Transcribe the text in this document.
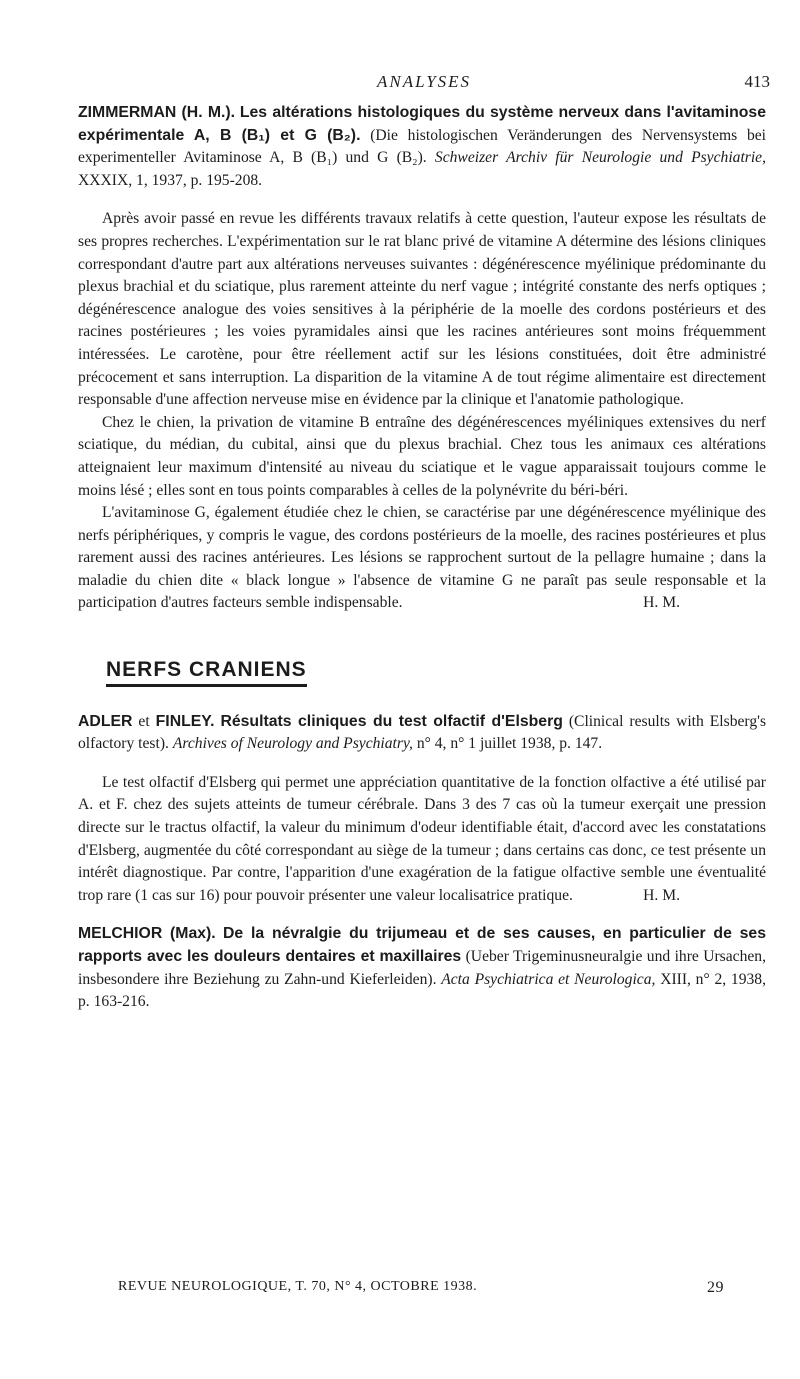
ANALYSES	413

ZIMMERMAN (H. M.). Les altérations histologiques du système nerveux dans l'avitaminose expérimentale A, B (B₁) et G (B₂). (Die histologischen Veränderungen des Nervensystems bei experimenteller Avitaminose A, B (B₁) und G (B₂). Schweizer Archiv für Neurologie und Psychiatrie, XXXIX, 1, 1937, p. 195-208.

Après avoir passé en revue les différents travaux relatifs à cette question, l'auteur expose les résultats de ses propres recherches. L'expérimentation sur le rat blanc privé de vitamine A détermine des lésions cliniques correspondant d'autre part aux altérations nerveuses suivantes : dégénérescence myélinique prédominante du plexus brachial et du sciatique, plus rarement atteinte du nerf vague ; intégrité constante des nerfs optiques ; dégénérescence analogue des voies sensitives à la périphérie de la moelle des cordons postérieurs et des racines postérieures ; les voies pyramidales ainsi que les racines antérieures sont moins fréquemment intéressées. Le carotène, pour être réellement actif sur les lésions constituées, doit être administré précocement et sans interruption. La disparition de la vitamine A de tout régime alimentaire est directement responsable d'une affection nerveuse mise en évidence par la clinique et l'anatomie pathologique.

Chez le chien, la privation de vitamine B entraîne des dégénérescences myéliniques extensives du nerf sciatique, du médian, du cubital, ainsi que du plexus brachial. Chez tous les animaux ces altérations atteignaient leur maximum d'intensité au niveau du sciatique et le vague apparaissait toujours comme le moins lésé ; elles sont en tous points comparables à celles de la polynévrite du béri-béri.

L'avitaminose G, également étudiée chez le chien, se caractérise par une dégénérescence myélinique des nerfs périphériques, y compris le vague, des cordons postérieurs de la moelle, des racines postérieures et plus rarement aussi des racines antérieures. Les lésions se rapprochent surtout de la pellagre humaine ; dans la maladie du chien dite « black longue » l'absence de vitamine G ne paraît pas seule responsable et la participation d'autres facteurs semble indispensable.	H. M.

NERFS CRANIENS

ADLER et FINLEY. Résultats cliniques du test olfactif d'Elsberg (Clinical results with Elsberg's olfactory test). Archives of Neurology and Psychiatry, n° 4, n° 1 juillet 1938, p. 147.

Le test olfactif d'Elsberg qui permet une appréciation quantitative de la fonction olfactive a été utilisé par A. et F. chez des sujets atteints de tumeur cérébrale. Dans 3 des 7 cas où la tumeur exerçait une pression directe sur le tractus olfactif, la valeur du minimum d'odeur identifiable était, d'accord avec les constatations d'Elsberg, augmentée du côté correspondant au siège de la tumeur ; dans certains cas donc, ce test présente un intérêt diagnostique. Par contre, l'apparition d'une exagération de la fatigue olfactive semble une éventualité trop rare (1 cas sur 16) pour pouvoir présenter une valeur localisatrice pratique.	H. M.

MELCHIOR (Max). De la névralgie du trijumeau et de ses causes, en particulier de ses rapports avec les douleurs dentaires et maxillaires (Ueber Trigeminusneuralgie und ihre Ursachen, insbesondere ihre Beziehung zu Zahn-und Kieferleiden). Acta Psychiatrica et Neurologica, XIII, n° 2, 1938, p. 163-216.

REVUE NEUROLOGIQUE, T. 70, N° 4, OCTOBRE 1938.	29
